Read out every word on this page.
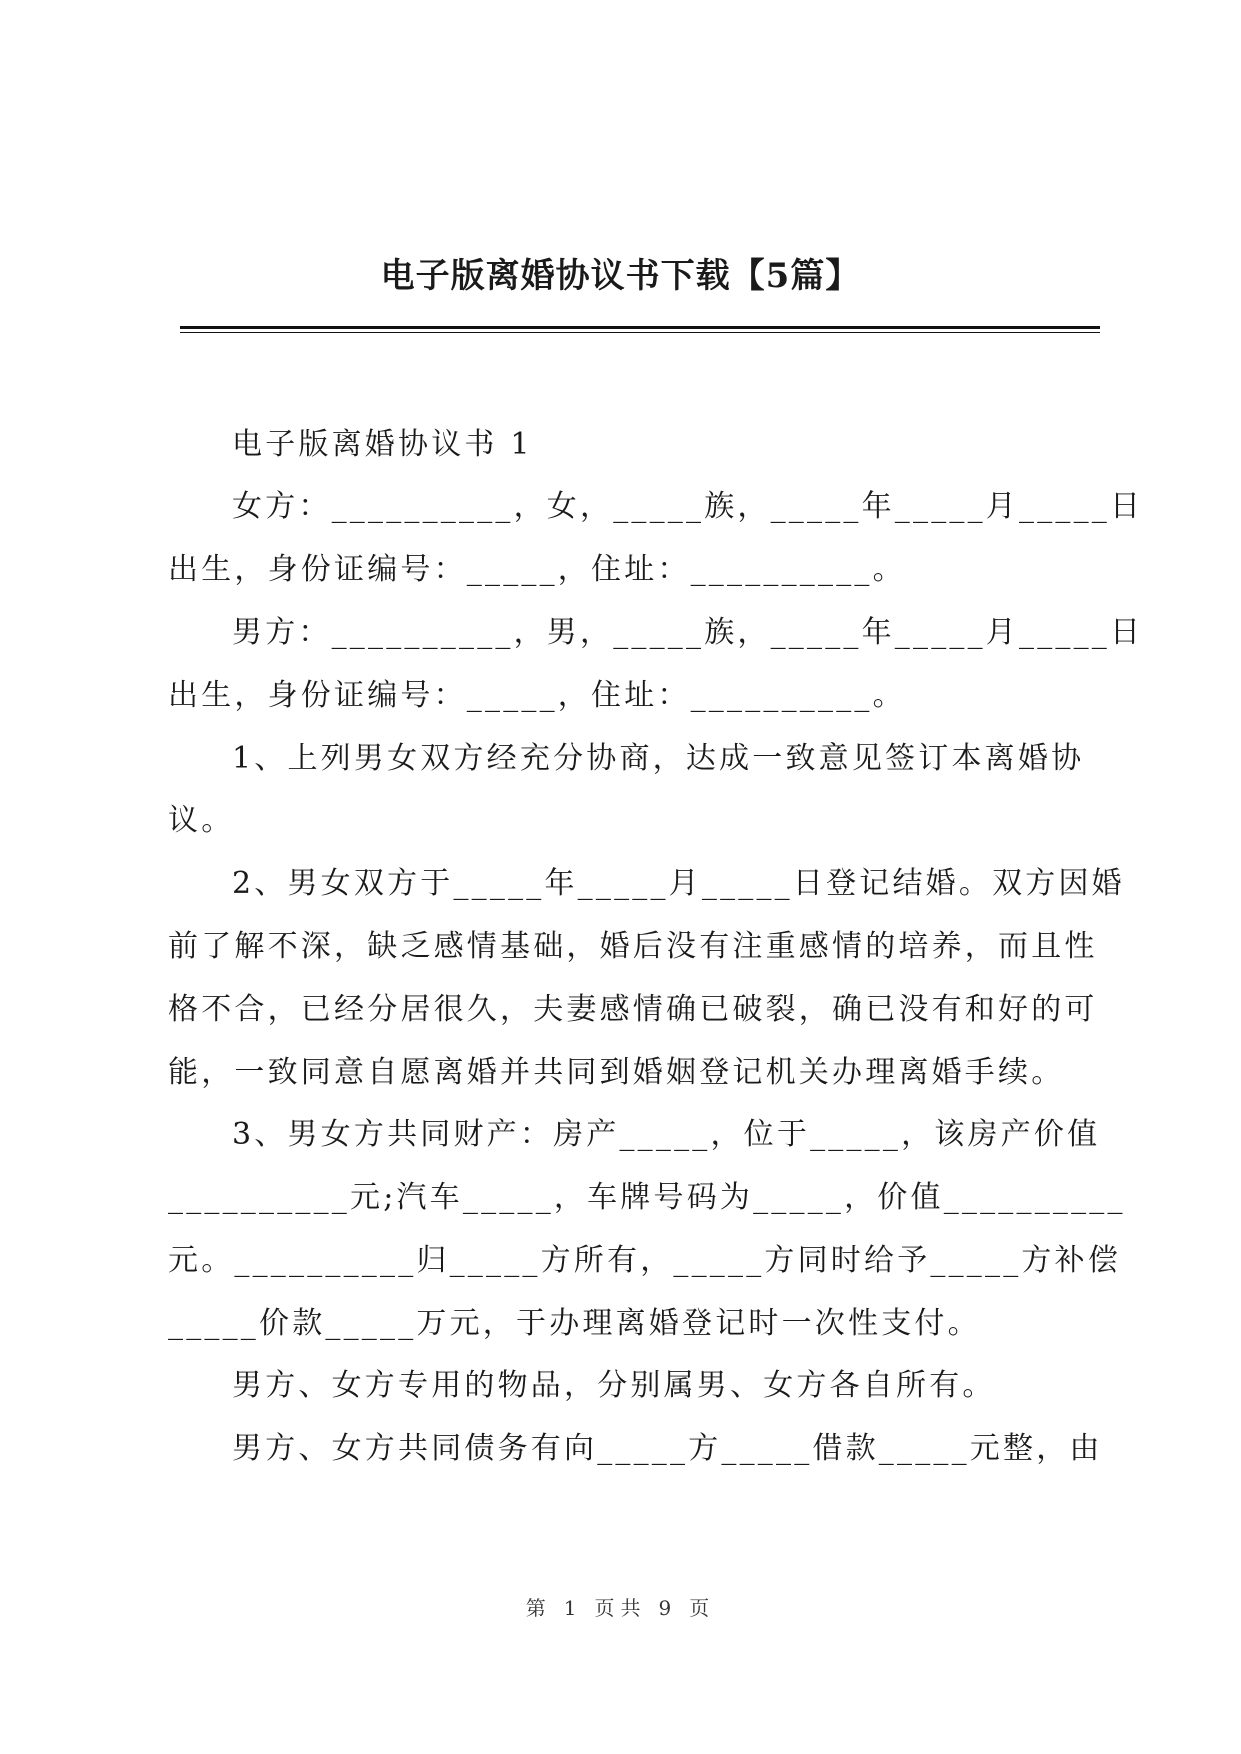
电子版离婚协议书下载【5篇】
电子版离婚协议书 1
女方：__________，女，_____族，_____年_____月_____日
出生，身份证编号：_____，住址：__________。
男方：__________，男，_____族，_____年_____月_____日
出生，身份证编号：_____，住址：__________。
1、上列男女双方经充分协商，达成一致意见签订本离婚协
议。
2、男女双方于_____年_____月_____日登记结婚。双方因婚
前了解不深，缺乏感情基础，婚后没有注重感情的培养，而且性
格不合，已经分居很久，夫妻感情确已破裂，确已没有和好的可
能，一致同意自愿离婚并共同到婚姻登记机关办理离婚手续。
3、男女方共同财产：房产_____，位于_____，该房产价值
__________元;汽车_____，车牌号码为_____，价值__________
元。__________归_____方所有，_____方同时给予_____方补偿
_____价款_____万元，于办理离婚登记时一次性支付。
男方、女方专用的物品，分别属男、女方各自所有。
男方、女方共同债务有向_____方_____借款_____元整，由
第 1 页共 9 页
